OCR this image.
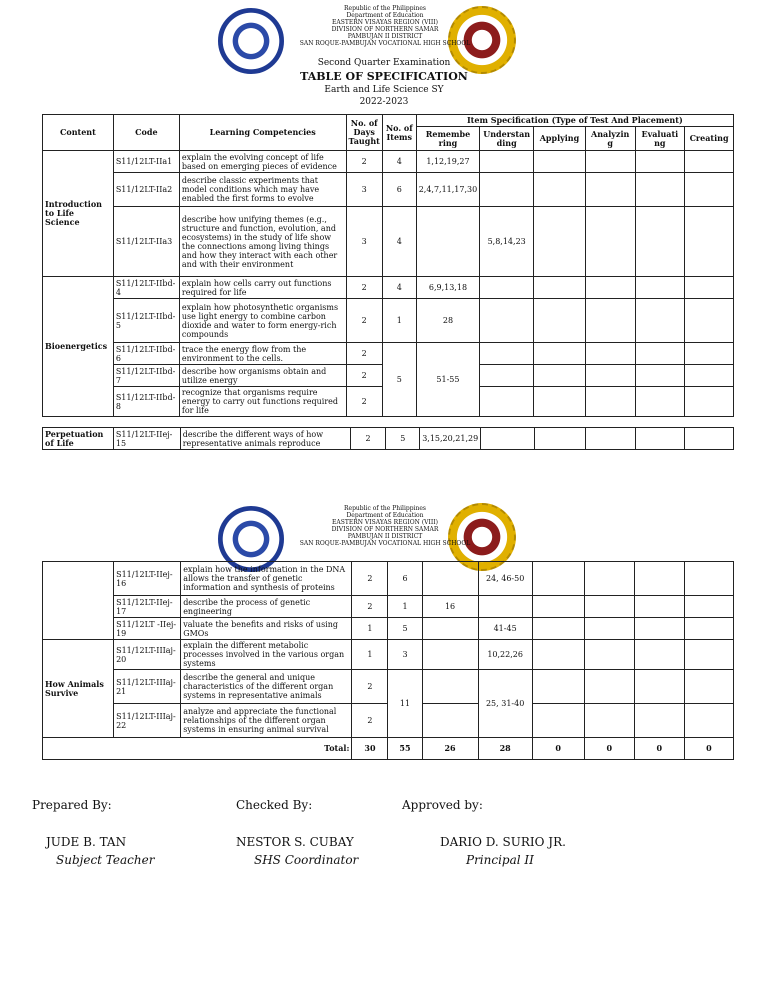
Republic of the Philippines
Department of Education
EASTERN VISAYAS REGION (VIII)
DIVISION OF NORTHERN SAMAR
PAMBUJAN II DISTRICT
SAN ROQUE-PAMBUJAN VOCATIONAL HIGH SCHOOL
Second Quarter Examination
TABLE OF SPECIFICATION
Earth and Life Science SY
2022-2023
Content	Code	Learning Competencies	No. of Days Taught	No. of Items	Item Specification (Type of Test And Placement)					
					Remembe ring	Understan ding	Applying	Analyzin g	Evaluati ng	Creating
Introduction to Life Science	S11/12LT-IIa1	explain the evolving concept of life based on emerging pieces of evidence	2	4	1,12,19,27					
	S11/12LT-IIa2	describe classic experiments that model conditions which may have enabled the first forms to evolve	3	6	2,4,7,11,17,30					
	S11/12LT-IIa3	describe how unifying themes (e.g., structure and function, evolution, and ecosystems) in the study of life show the connections among living things and how they interact with each other and with their environment	3	4		5,8,14,23				
Bioenergetics	S11/12LT-IIbd-4	explain how cells carry out functions required for life	2	4	6,9,13,18					
	S11/12LT-IIbd-5	explain how photosynthetic organisms use light energy to combine carbon dioxide and water to form energy-rich compounds	2	1	28					
	S11/12LT-IIbd-6	trace the energy flow from the environment to the cells.	2	5	51-55					
	S11/12LT-IIbd-7	describe how organisms obtain and utilize energy	2							
	S11/12LT-IIbd-8	recognize that organisms require energy to carry out functions required for life	2							
Perpetuation of Life	S11/12LT-IIej-15	describe the different ways of how representative animals reproduce	2	5	3,15,20,21,29					
Republic of the Philippines
Department of Education
EASTERN VISAYAS REGION (VIII)
DIVISION OF NORTHERN SAMAR
PAMBUJAN II DISTRICT
SAN ROQUE-PAMBUJAN VOCATIONAL HIGH SCHOOL
	S11/12LT-IIej-16	explain how the information in the DNA allows the transfer of genetic information and synthesis of proteins	2	6		24, 46-50				
	S11/12LT-IIej-17	describe the process of genetic engineering	2	1	16					
	S11/12LT -IIej-19	valuate the benefits and risks of using GMOs	1	5		41-45				
How Animals Survive	S11/12LT-IIIaj-20	explain the different metabolic processes involved in the various organ systems	1	3		10,22,26				
	S11/12LT-IIIaj-21	describe the general and unique characteristics of the different organ systems in representative animals	2	11		25, 31-40				
	S11/12LT-IIIaj-22	analyze and appreciate the functional relationships of the different organ systems in ensuring animal survival	2							
Total:			30	55	26	28	0	0	0	0
Prepared By:	Checked By:	Approved by:
JUDE B. TAN	NESTOR S. CUBAY	DARIO D. SURIO JR.
Subject Teacher	SHS Coordinator	Principal II
